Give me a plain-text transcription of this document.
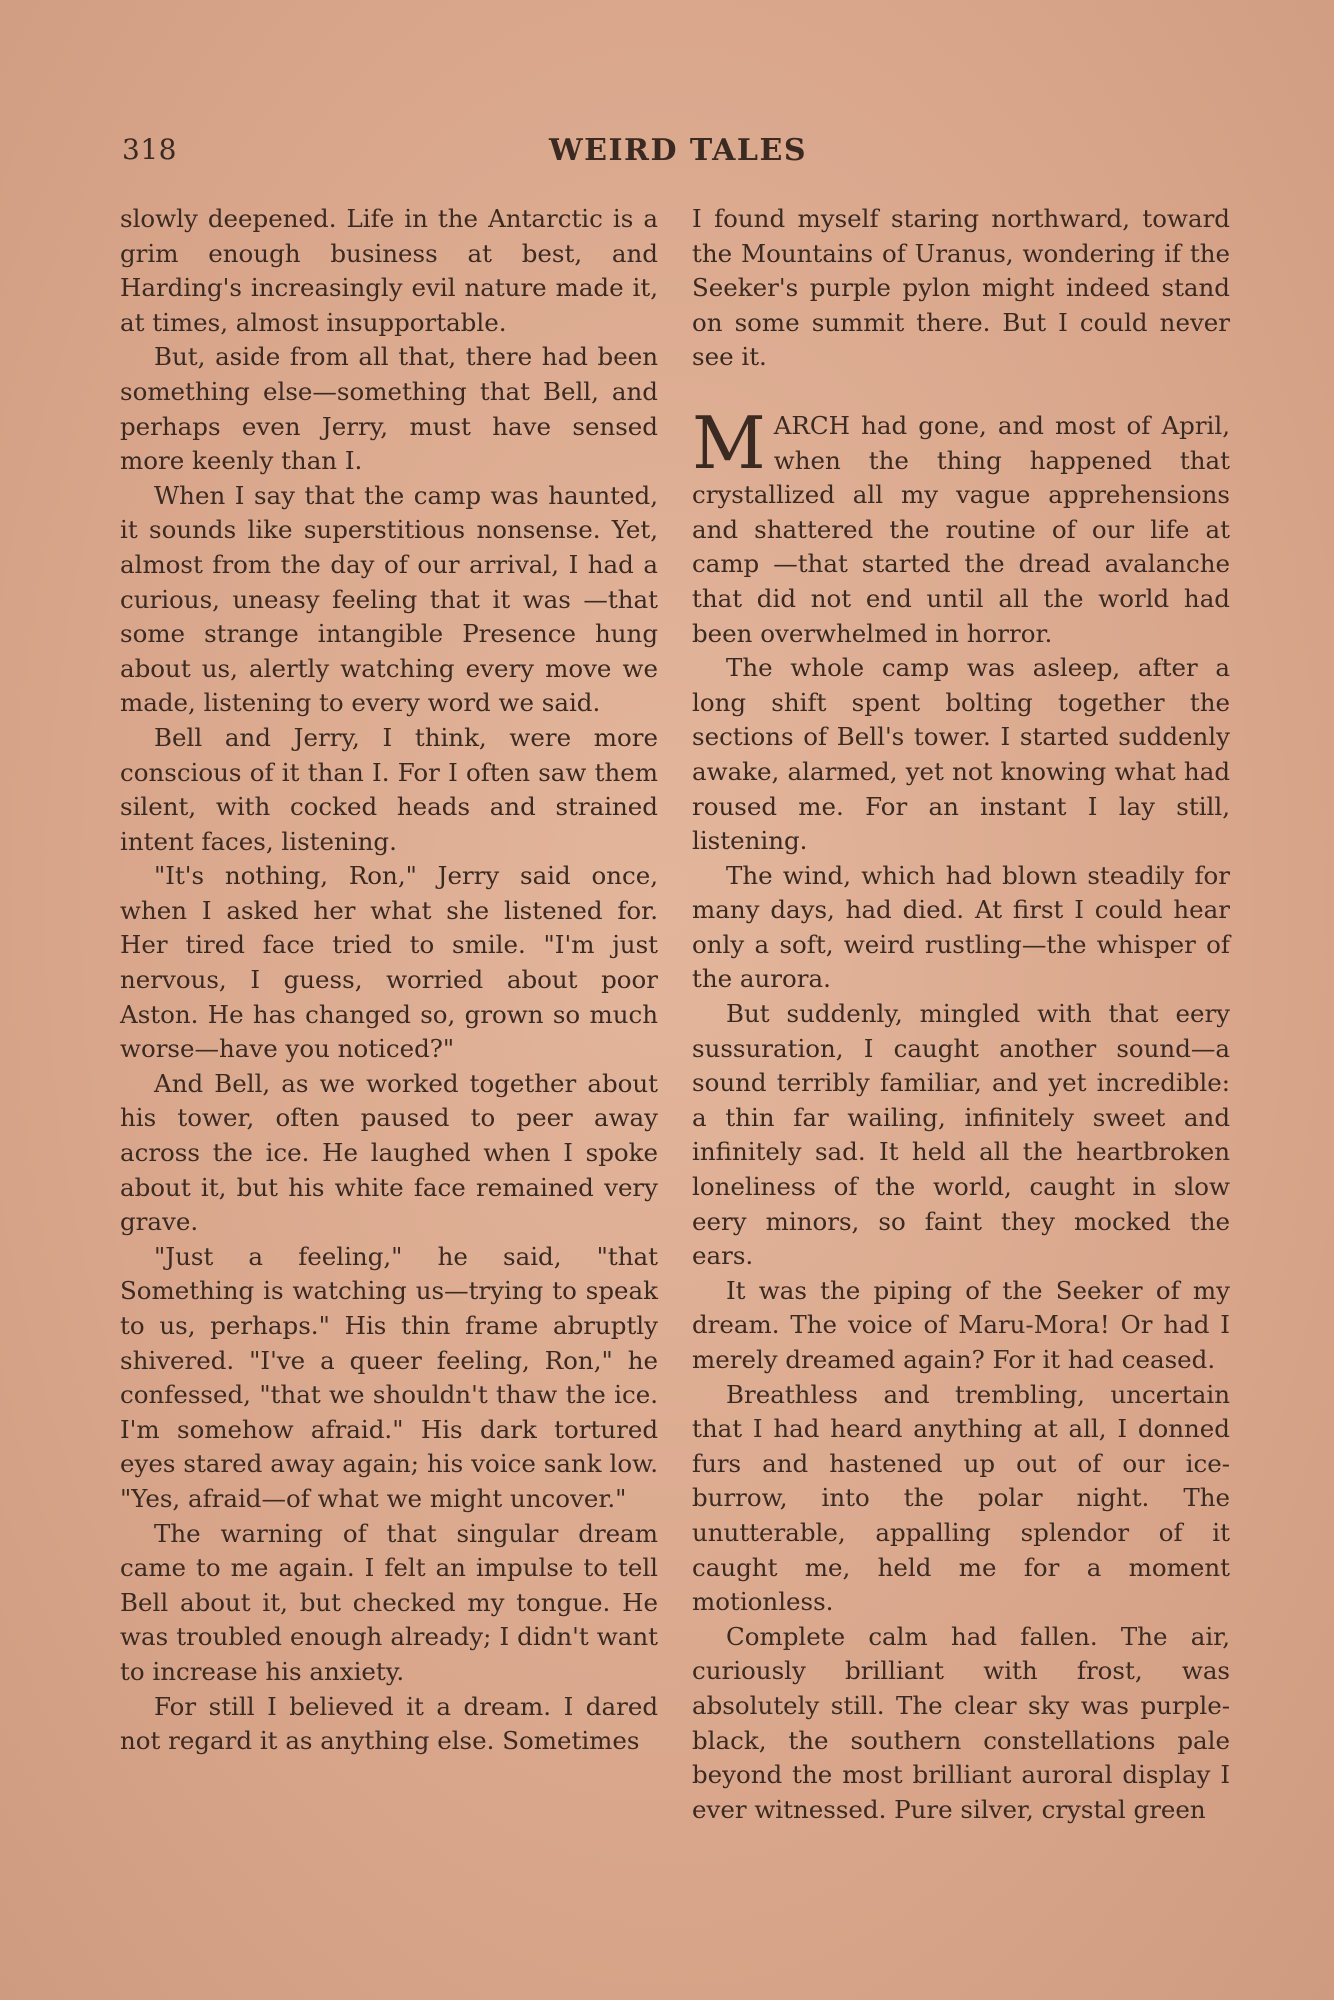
318	WEIRD TALES

slowly deepened. Life in the Antarctic is a grim enough business at best, and Harding's increasingly evil nature made it, at times, almost insupportable.

But, aside from all that, there had been something else—something that Bell, and perhaps even Jerry, must have sensed more keenly than I.

When I say that the camp was haunted, it sounds like superstitious nonsense. Yet, almost from the day of our arrival, I had a curious, uneasy feeling that it was —that some strange intangible Presence hung about us, alertly watching every move we made, listening to every word we said.

Bell and Jerry, I think, were more conscious of it than I. For I often saw them silent, with cocked heads and strained intent faces, listening.

"It's nothing, Ron," Jerry said once, when I asked her what she listened for. Her tired face tried to smile. "I'm just nervous, I guess, worried about poor Aston. He has changed so, grown so much worse—have you noticed?"

And Bell, as we worked together about his tower, often paused to peer away across the ice. He laughed when I spoke about it, but his white face remained very grave.

"Just a feeling," he said, "that Something is watching us—trying to speak to us, perhaps." His thin frame abruptly shivered. "I've a queer feeling, Ron," he confessed, "that we shouldn't thaw the ice. I'm somehow afraid." His dark tortured eyes stared away again; his voice sank low. "Yes, afraid—of what we might uncover."

The warning of that singular dream came to me again. I felt an impulse to tell Bell about it, but checked my tongue. He was troubled enough already; I didn't want to increase his anxiety.

For still I believed it a dream. I dared not regard it as anything else. Sometimes

I found myself staring northward, toward the Mountains of Uranus, wondering if the Seeker's purple pylon might indeed stand on some summit there. But I could never see it.

MARCH had gone, and most of April, when the thing happened that crystallized all my vague apprehensions and shattered the routine of our life at camp —that started the dread avalanche that did not end until all the world had been overwhelmed in horror.

The whole camp was asleep, after a long shift spent bolting together the sections of Bell's tower. I started suddenly awake, alarmed, yet not knowing what had roused me. For an instant I lay still, listening.

The wind, which had blown steadily for many days, had died. At first I could hear only a soft, weird rustling—the whisper of the aurora.

But suddenly, mingled with that eery sussuration, I caught another sound—a sound terribly familiar, and yet incredible: a thin far wailing, infinitely sweet and infinitely sad. It held all the heartbroken loneliness of the world, caught in slow eery minors, so faint they mocked the ears.

It was the piping of the Seeker of my dream. The voice of Maru-Mora! Or had I merely dreamed again? For it had ceased.

Breathless and trembling, uncertain that I had heard anything at all, I donned furs and hastened up out of our ice-burrow, into the polar night. The unutterable, appalling splendor of it caught me, held me for a moment motionless.

Complete calm had fallen. The air, curiously brilliant with frost, was absolutely still. The clear sky was purple-black, the southern constellations pale beyond the most brilliant auroral display I ever witnessed. Pure silver, crystal green
